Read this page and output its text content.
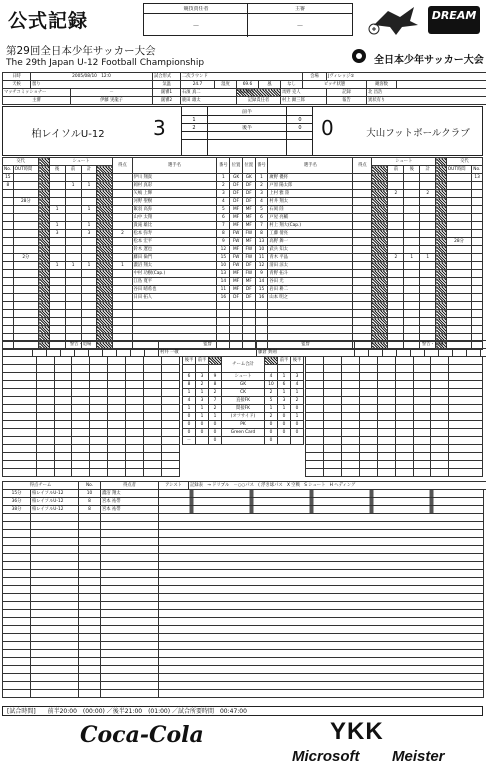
公式記録
競技責任者	主審
－	－
DREAM
第29回全日本少年サッカー大会
The 29th Japan U-12 Football Championship	全日本少年サッカー大会
日時	2005/08/10　12:0		試合形式	二次ラウンド					会場	Jヴィレッジ①		
天候	曇り		気温	24.7	湿度	69.6	風	なし	ピッチ状態		観客数	
マッチコミッショナー		－	副審1	石濱 真二		第4審判		馬野 克人		記録	北 昌浩	
主審		伊藤 実龍子	副審2	鹿田 雄太		記録責任者		村上 顕三郎		報告	異状有り	
柏レイソルU-12	3	1
前半
0
2	後半	0 0	大山フットボールクラブ
交代			シュート				得点	選手名	番号	位置	位置	番号	選手名	得点	シュート					交代	
No.	OUT時間		後	前	計											前	後	計		OUT時間	No.
15								伊川 翔貴	1	GK	GK	1	廣野 優将								13
8				1	1			岡村 真彩	2	DF	DF	2	戸原 陽太郎								
								矢嶋 上輝	3	DF	DF	3	上村 雅 陸			2		2			
	28分							河野 聖樹	4	DF	DF	4	村井 翔太								
			1		1			飯羽 高弥	5	MF	MF	5	石岡 陸								
								山中 太翔	6	MF	MF	6	戸屋 亮輔								
			1		1			貴滝 雄比	7	MF	MF	7	村上 翔大(Cap.)								
			3		3		2	松本 弥寿	8	FW	FW	8	工藤 倩亮								
								松本 宏平	9	FW	MF	13	高野 舞一							28分	
								鈴木 遼也	12	MF	FW	10	武兵 知太								
	2分							藤田 倫門	15	FW	FW	11	青木 平晶			2	1	1			
			1	1	1		1	濃沼 翔太	10	FW	DF	12	清田 涼太								
								中村 功樹(Cap.)	13	MF	FW	9	青野 拓斗								
								江島 寛平	14	MF	MF	14	谷田 光								
								谷田 晴希也	11	MF	DF	15	岩田 耕二								
								日田 拓人	16	DF	DF	16	山本 明之								

警告・退場										監督	監督	警告・退場									
										村井 一敬	藤倉 典則										

後半	前半		チーム合計		前半	後半

6	3	9	シュート	4	1	3
8	2	8	GK	10	6	4
1	1	2	CK	2	1	1
4	3	7	直接FK	5	3	2
1	1	2	間接FK	1	1	0
0	1	1	(オフサイド)	2	0	1
0	0	0	PK	0	0	0
0	0	0	Green Card	0	0	0
－		0		0		
得点チーム	No.	得点者	アシスト	記録表　→ ドリブル　－○○パス　( 浮き球パス　X 空戦　S シュート　H ヘディング
15分	柏レイソルU-12	10	濃沼 翔太	
36分	柏レイソルU-12	8	宮本 祐帯	
38分	柏レイソルU-12	8	宮本 祐帯	

[試合時間] 前半20:00　(00:00) ／後半21:00　(01:00) ／試合所要時間　00:47:00
Coca-Cola	YKK
Microsoft Meister
